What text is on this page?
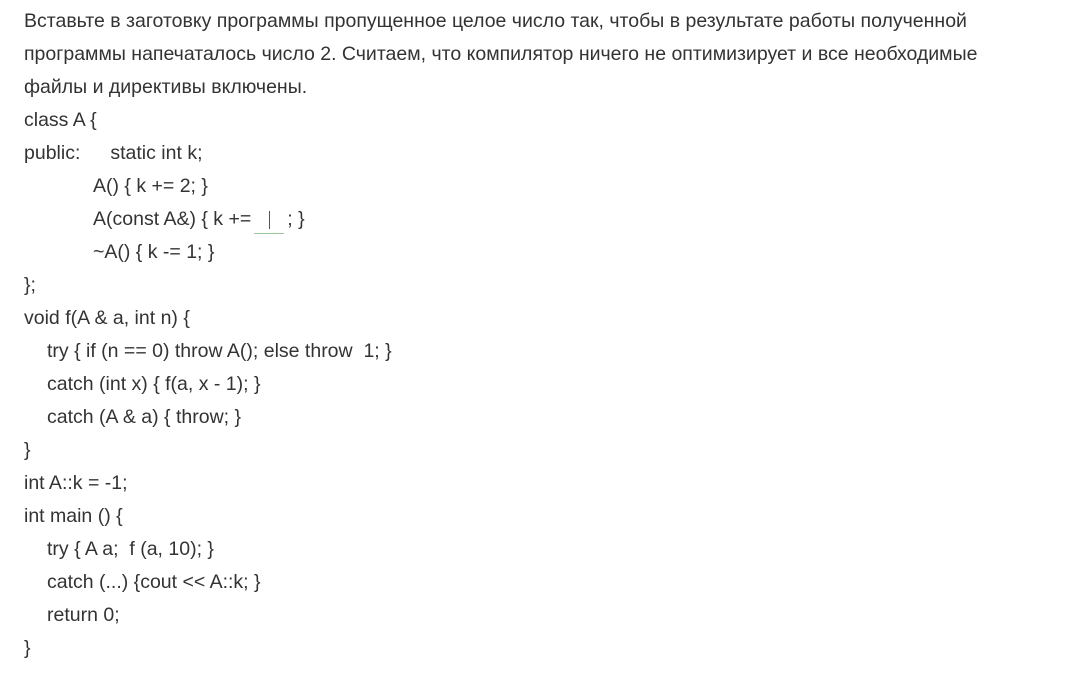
Вставьте в заготовку программы пропущенное целое число так, чтобы в результате работы полученной
программы напечаталось число 2. Считаем, что компилятор ничего не оптимизирует и все необходимые
файлы и директивы включены.
class A {
public: static int k;
A() { k += 2; }
A(const A&) { k += ; }
~A() { k -= 1; }
};
void f(A & a, int n) {
try { if (n == 0) throw A(); else throw  1; }
catch (int x) { f(a, x - 1); }
catch (A & a) { throw; }
}
int A::k = -1;
int main () {
try { A a;  f (a, 10); }
catch (...) {cout << A::k; }
return 0;
}
